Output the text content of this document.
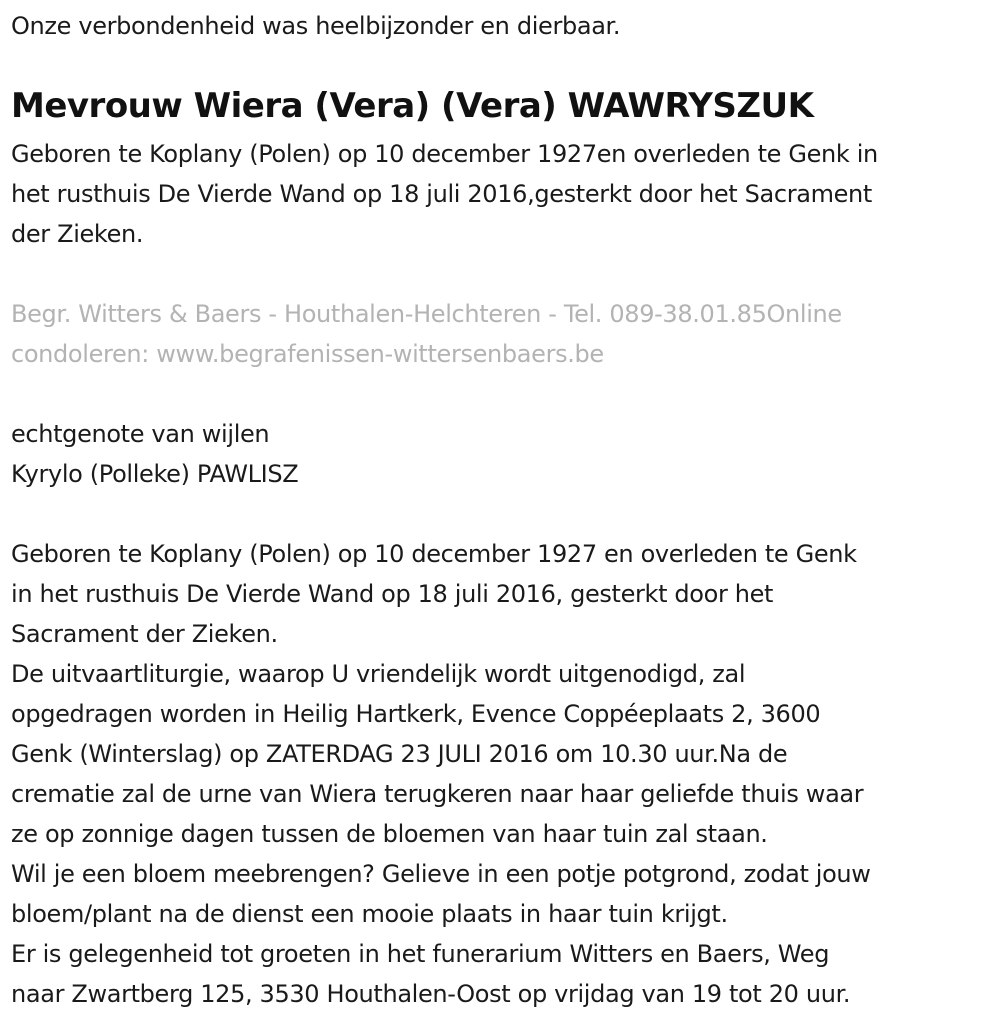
Onze verbondenheid was heelbijzonder en dierbaar.
Mevrouw Wiera (Vera) (Vera) WAWRYSZUK
Geboren te Koplany (Polen) op 10 december 1927en overleden te Genk in
het rusthuis De Vierde Wand op 18 juli 2016,gesterkt door het Sacrament
der Zieken.
Begr. Witters & Baers - Houthalen-Helchteren - Tel. 089-38.01.85Online
condoleren: www.begrafenissen-wittersenbaers.be
echtgenote van wijlen
Kyrylo (Polleke) PAWLISZ
Geboren te Koplany (Polen) op 10 december 1927 en overleden te Genk
in het rusthuis De Vierde Wand op 18 juli 2016, gesterkt door het
Sacrament der Zieken.
De uitvaartliturgie, waarop U vriendelijk wordt uitgenodigd, zal
opgedragen worden in Heilig Hartkerk, Evence Coppéeplaats 2, 3600
Genk (Winterslag) op ZATERDAG 23 JULI 2016 om 10.30 uur.Na de
crematie zal de urne van Wiera terugkeren naar haar geliefde thuis waar
ze op zonnige dagen tussen de bloemen van haar tuin zal staan.
Wil je een bloem meebrengen? Gelieve in een potje potgrond, zodat jouw
bloem/plant na de dienst een mooie plaats in haar tuin krijgt.
Er is gelegenheid tot groeten in het funerarium Witters en Baers, Weg
naar Zwartberg 125, 3530 Houthalen-Oost op vrijdag van 19 tot 20 uur.
